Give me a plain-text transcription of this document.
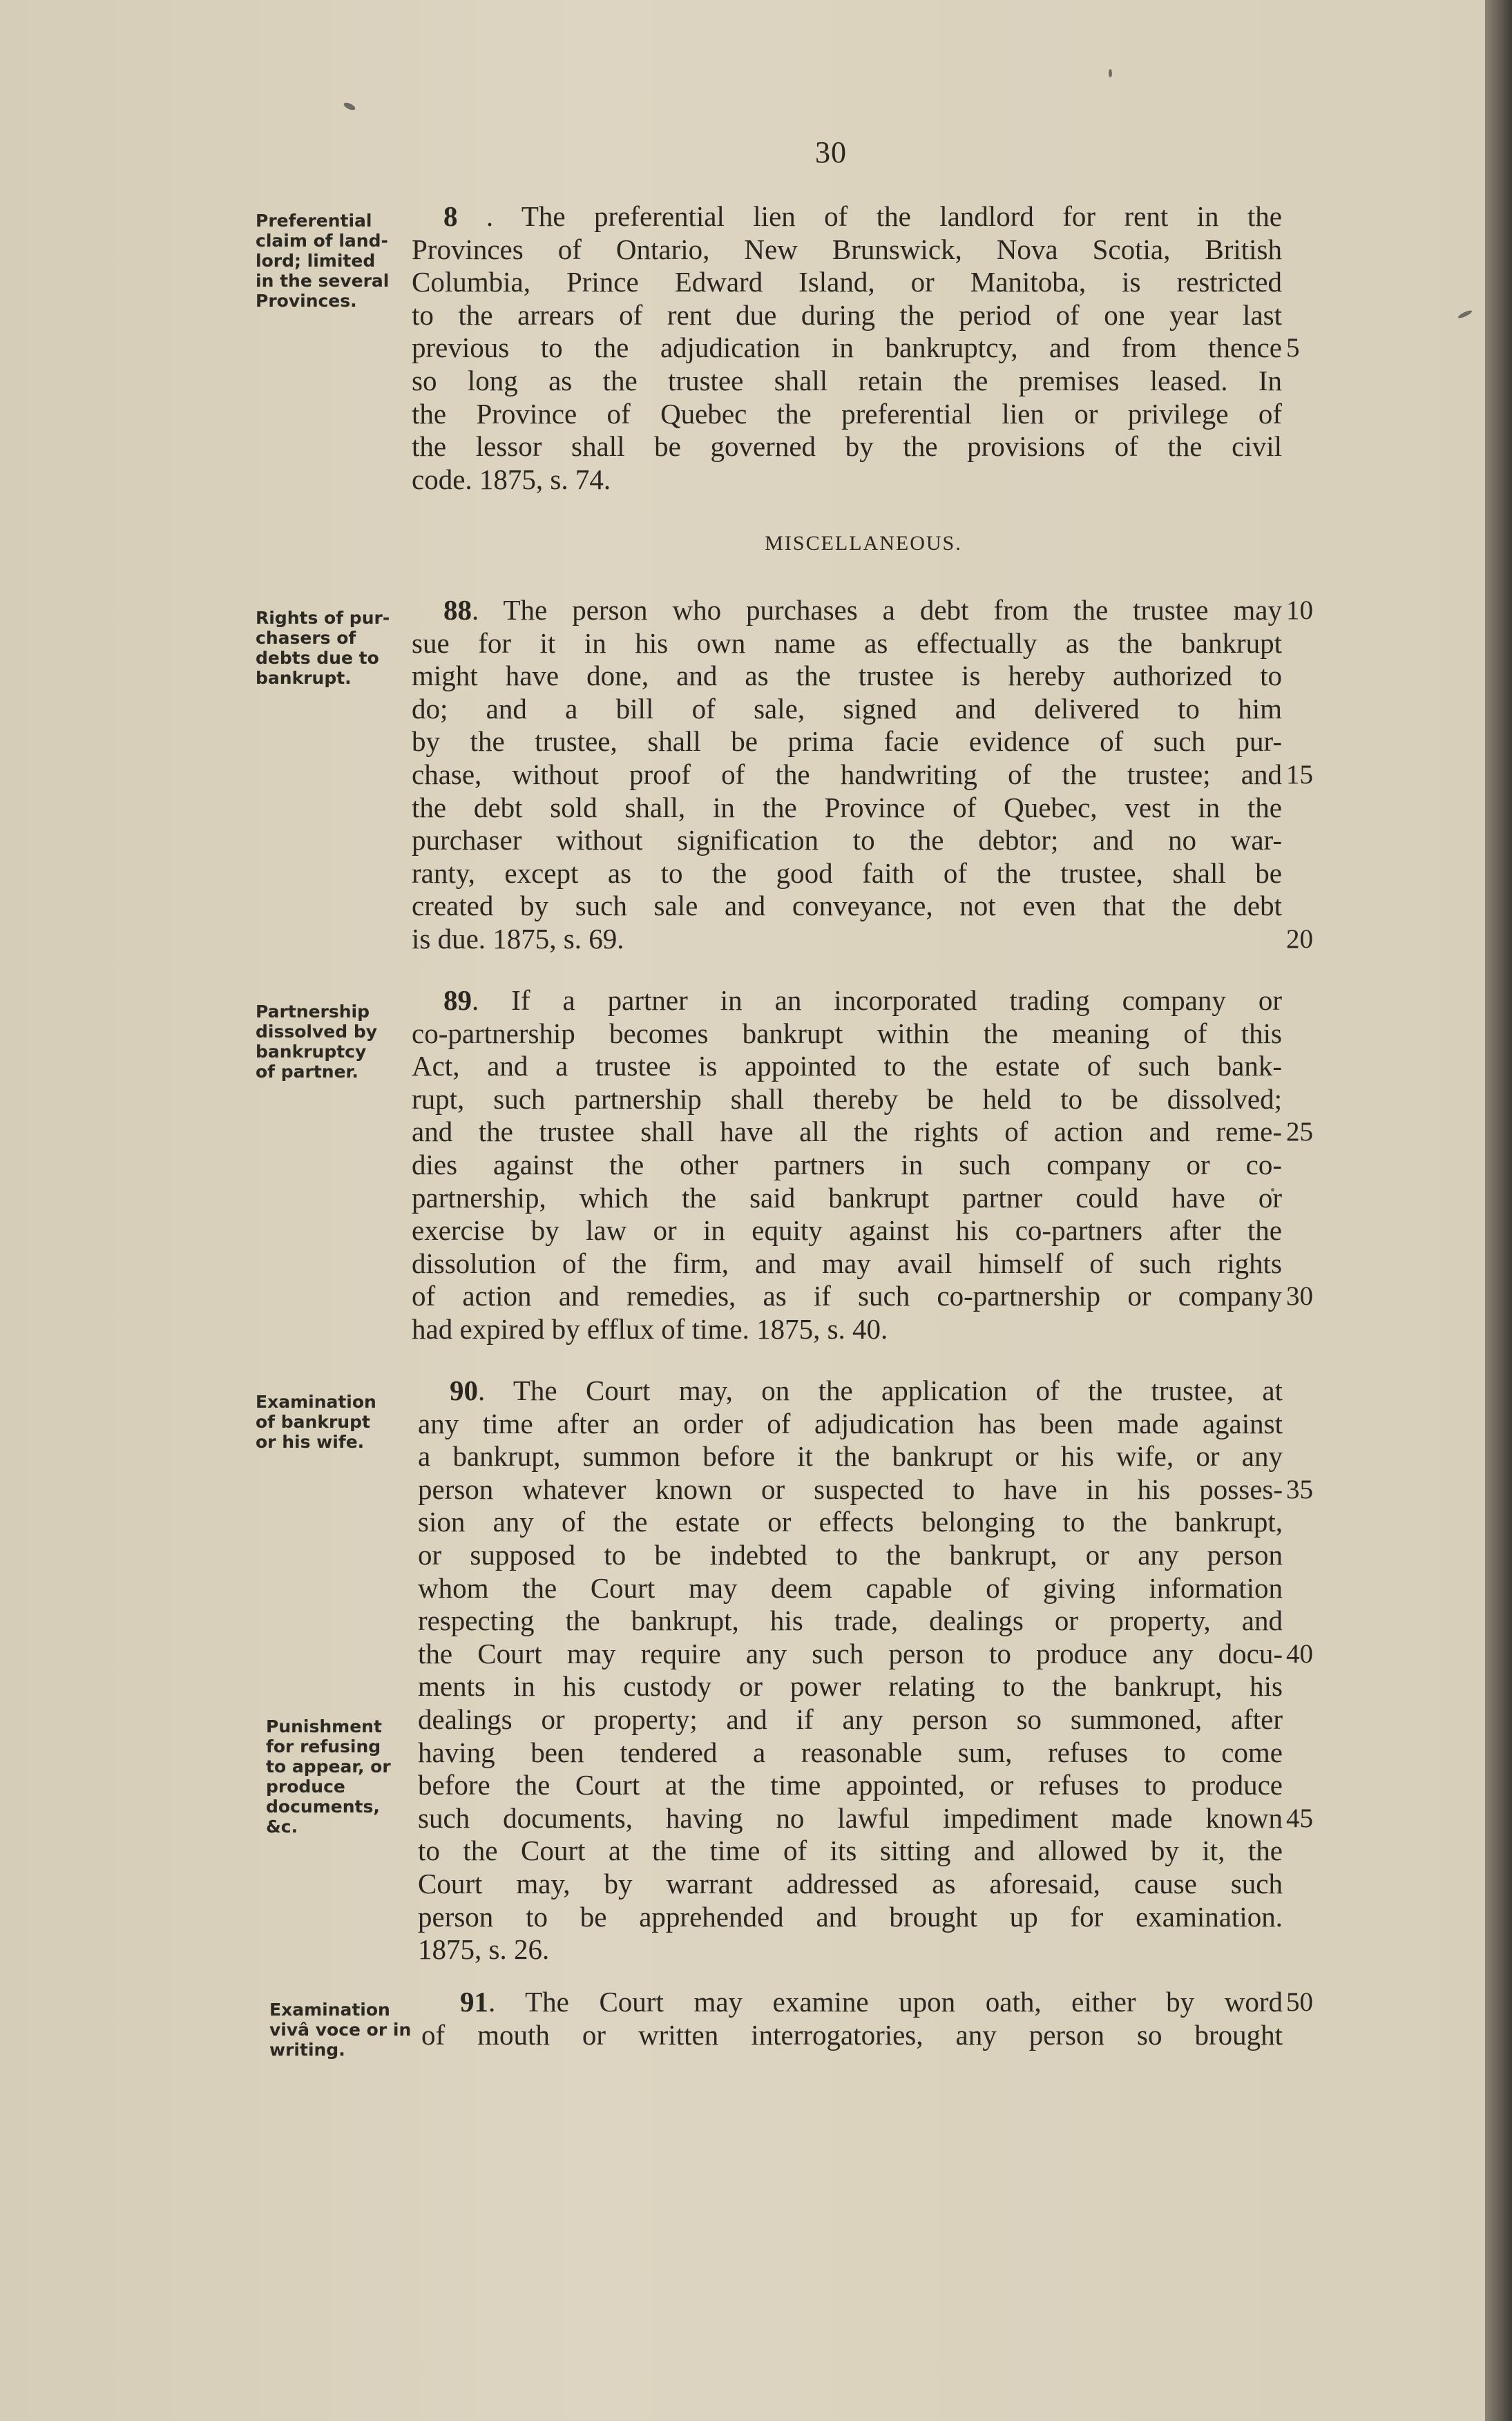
30
Preferential
claim of land-
lord; limited
in the several
Provinces.
8 . The preferential lien of the landlord for rent in the
Provinces of Ontario, New Brunswick, Nova Scotia, British
Columbia, Prince Edward Island, or Manitoba, is restricted
to the arrears of rent due during the period of one year last
previous to the adjudication in bankruptcy, and from thence
so long as the trustee shall retain the premises leased. In
the Province of Quebec the preferential lien or privilege of
the lessor shall be governed by the provisions of the civil
code. 1875, s. 74.
5
MISCELLANEOUS.
Rights of pur-
chasers of
debts due to
bankrupt.
88. The person who purchases a debt from the trustee may
sue for it in his own name as effectually as the bankrupt
might have done, and as the trustee is hereby authorized to
do; and a bill of sale, signed and delivered to him
by the trustee, shall be prima facie evidence of such pur-
chase, without proof of the handwriting of the trustee; and
the debt sold shall, in the Province of Quebec, vest in the
purchaser without signification to the debtor; and no war-
ranty, except as to the good faith of the trustee, shall be
created by such sale and conveyance, not even that the debt
is due. 1875, s. 69.
10
15
20
Partnership
dissolved by
bankruptcy
of partner.
89. If a partner in an incorporated trading company or
co-partnership becomes bankrupt within the meaning of this
Act, and a trustee is appointed to the estate of such bank-
rupt, such partnership shall thereby be held to be dissolved;
and the trustee shall have all the rights of action and reme-
dies against the other partners in such company or co-
partnership, which the said bankrupt partner could have or
exercise by law or in equity against his co-partners after the
dissolution of the firm, and may avail himself of such rights
of action and remedies, as if such co-partnership or company
had expired by efflux of time. 1875, s. 40.
25
30
Examination
of bankrupt
or his wife.
Punishment
for refusing
to appear, or
produce
documents,
&c.
90. The Court may, on the application of the trustee, at
any time after an order of adjudication has been made against
a bankrupt, summon before it the bankrupt or his wife, or any
person whatever known or suspected to have in his posses-
sion any of the estate or effects belonging to the bankrupt,
or supposed to be indebted to the bankrupt, or any person
whom the Court may deem capable of giving information
respecting the bankrupt, his trade, dealings or property, and
the Court may require any such person to produce any docu-
ments in his custody or power relating to the bankrupt, his
dealings or property; and if any person so summoned, after
having been tendered a reasonable sum, refuses to come
before the Court at the time appointed, or refuses to produce
such documents, having no lawful impediment made known
to the Court at the time of its sitting and allowed by it, the
Court may, by warrant addressed as aforesaid, cause such
person to be apprehended and brought up for examination.
1875, s. 26.
35
40
45
Examination
vivâ voce or in
writing.
91. The Court may examine upon oath, either by word
of mouth or written interrogatories, any person so brought
50
